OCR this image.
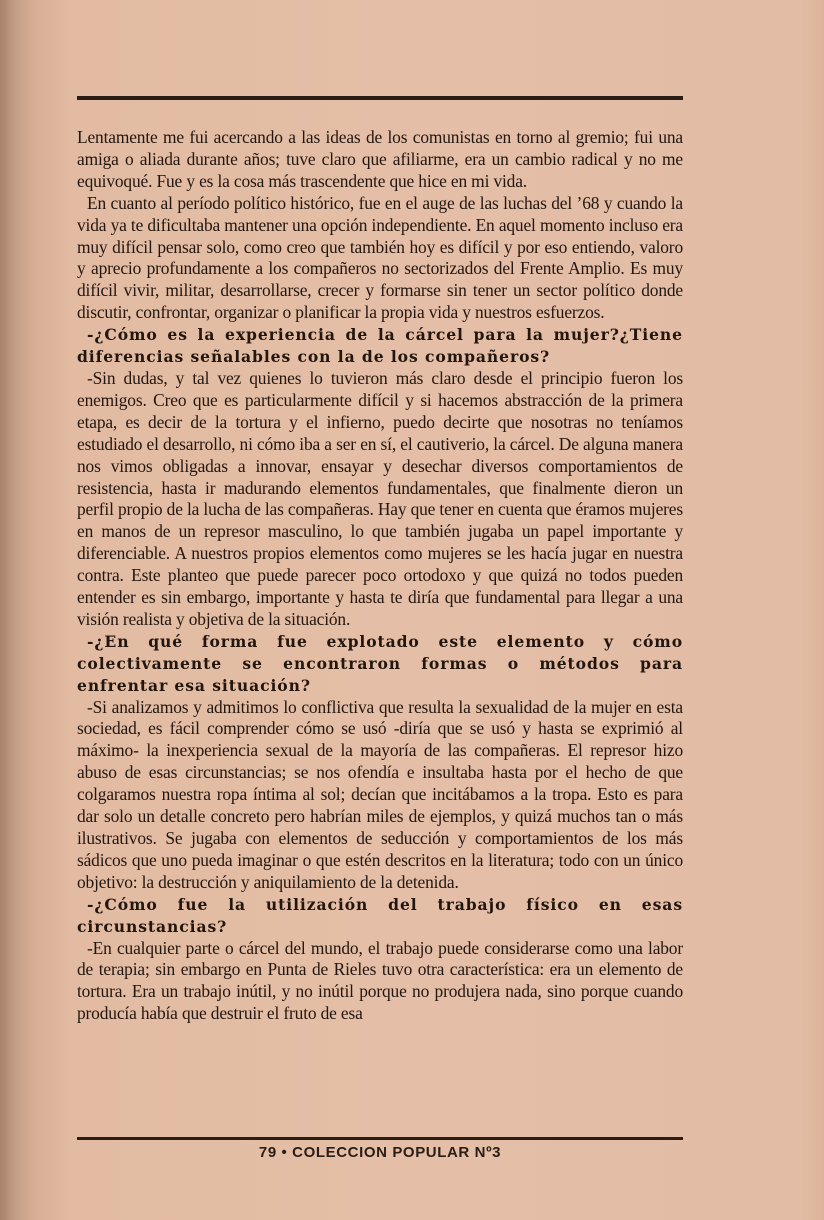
Lentamente me fui acercando a las ideas de los comunistas en torno al gremio; fui una amiga o aliada durante años; tuve claro que afiliarme, era un cambio radical y no me equivoqué. Fue y es la cosa más trascendente que hice en mi vida.

En cuanto al período político histórico, fue en el auge de las luchas del ’68 y cuando la vida ya te dificultaba mantener una opción independiente. En aquel momento incluso era muy difícil pensar solo, como creo que también hoy es difícil y por eso entiendo, valoro y aprecio profundamente a los compañeros no sectorizados del Frente Amplio. Es muy difícil vivir, militar, desarrollarse, crecer y formarse sin tener un sector político donde discutir, confrontar, organizar o planificar la propia vida y nuestros esfuerzos.

-¿Cómo es la experiencia de la cárcel para la mujer?¿Tiene diferencias señalables con la de los compañeros?

-Sin dudas, y tal vez quienes lo tuvieron más claro desde el principio fueron los enemigos. Creo que es particularmente difícil y si hacemos abstracción de la primera etapa, es decir de la tortura y el infierno, puedo decirte que nosotras no teníamos estudiado el desarrollo, ni cómo iba a ser en sí, el cautiverio, la cárcel. De alguna manera nos vimos obligadas a innovar, ensayar y desechar diversos comportamientos de resistencia, hasta ir madurando elementos fundamentales, que finalmente dieron un perfil propio de la lucha de las compañeras. Hay que tener en cuenta que éramos mujeres en manos de un represor masculino, lo que también jugaba un papel importante y diferenciable. A nuestros propios elementos como mujeres se les hacía jugar en nuestra contra. Este planteo que puede parecer poco ortodoxo y que quizá no todos pueden entender es sin embargo, importante y hasta te diría que fundamental para llegar a una visión realista y objetiva de la situación.

-¿En qué forma fue explotado este elemento y cómo colectivamente se encontraron formas o métodos para enfrentar esa situación?

-Si analizamos y admitimos lo conflictiva que resulta la sexualidad de la mujer en esta sociedad, es fácil comprender cómo se usó -diría que se usó y hasta se exprimió al máximo- la inexperiencia sexual de la mayoría de las compañeras. El represor hizo abuso de esas circunstancias; se nos ofendía e insultaba hasta por el hecho de que colgaramos nuestra ropa íntima al sol; decían que incitábamos a la tropa. Esto es para dar solo un detalle concreto pero habrían miles de ejemplos, y quizá muchos tan o más ilustrativos. Se jugaba con elementos de seducción y comportamientos de los más sádicos que uno pueda imaginar o que estén descritos en la literatura; todo con un único objetivo: la destrucción y aniquilamiento de la detenida.

-¿Cómo fue la utilización del trabajo físico en esas circunstancias?

-En cualquier parte o cárcel del mundo, el trabajo puede considerarse como una labor de terapia; sin embargo en Punta de Rieles tuvo otra característica: era un elemento de tortura. Era un trabajo inútil, y no inútil porque no produjera nada, sino porque cuando producía había que destruir el fruto de esa

79 • COLECCION POPULAR Nº3
